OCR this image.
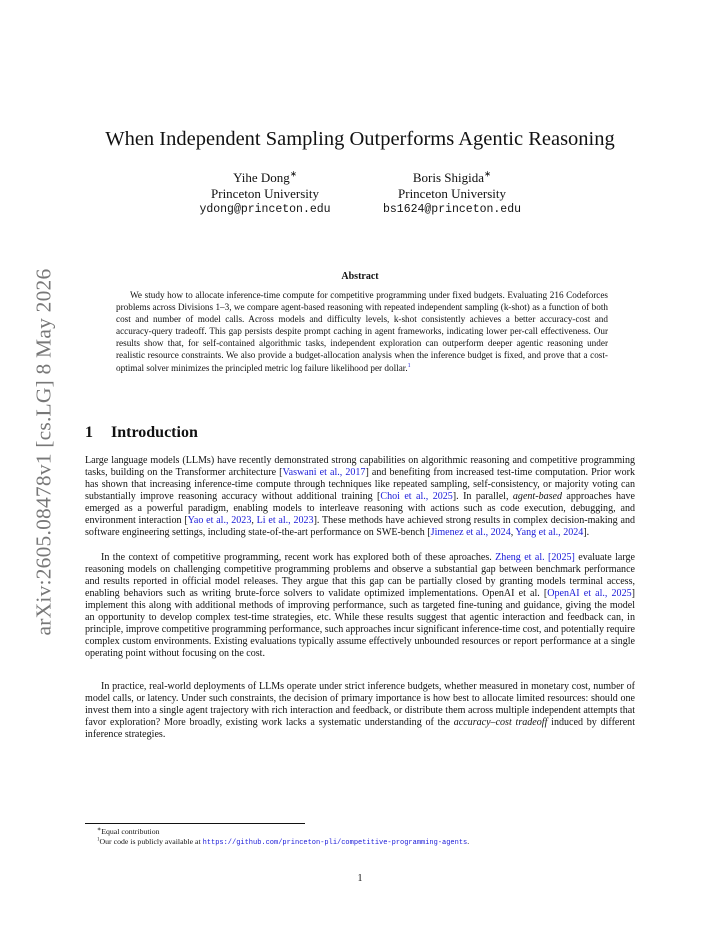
arXiv:2605.08478v1 [cs.LG] 8 May 2026
When Independent Sampling Outperforms Agentic Reasoning
Yihe Dong∗
Princeton University
ydong@princeton.edu
Boris Shigida∗
Princeton University
bs1624@princeton.edu
Abstract

We study how to allocate inference-time compute for competitive programming under fixed budgets. Evaluating 216 Codeforces problems across Divisions 1–3, we compare agent-based reasoning with repeated independent sampling (k-shot) as a function of both cost and number of model calls. Across models and difficulty levels, k-shot consistently achieves a better accuracy-cost and accuracy-query tradeoff. This gap persists despite prompt caching in agent frameworks, indicating lower per-call effectiveness. Our results show that, for self-contained algorithmic tasks, independent exploration can outperform deeper agentic reasoning under realistic resource constraints. We also provide a budget-allocation analysis when the inference budget is fixed, and prove that a cost-optimal solver minimizes the principled metric log failure likelihood per dollar.$^1$

1 Introduction

Large language models (LLMs) have recently demonstrated strong capabilities on algorithmic reasoning and competitive programming tasks, building on the Transformer architecture [Vaswani et al., 2017] and benefiting from increased test-time computation. Prior work has shown that increasing inference-time compute through techniques like repeated sampling, self-consistency, or majority voting can substantially improve reasoning accuracy without additional training [Choi et al., 2025]. In parallel, agent-based approaches have emerged as a powerful paradigm, enabling models to interleave reasoning with actions such as code execution, debugging, and environment interaction [Yao et al., 2023, Li et al., 2023]. These methods have achieved strong results in complex decision-making and software engineering settings, including state-of-the-art performance on SWE-bench [Jimenez et al., 2024, Yang et al., 2024].

In the context of competitive programming, recent work has explored both of these aproaches. Zheng et al. [2025] evaluate large reasoning models on challenging competitive programming problems and observe a substantial gap between benchmark performance and results reported in official model releases. They argue that this gap can be partially closed by granting models terminal access, enabling behaviors such as writing brute-force solvers to validate optimized implementations. OpenAI et al. [OpenAI et al., 2025] implement this along with additional methods of improving performance, such as targeted fine-tuning and guidance, giving the model an opportunity to develop complex test-time strategies, etc. While these results suggest that agentic interaction and feedback can, in principle, improve competitive programming performance, such approaches incur significant inference-time cost, and potentially require complex custom environments. Existing evaluations typically assume effectively unbounded resources or report performance at a single operating point without focusing on the cost.

In practice, real-world deployments of LLMs operate under strict inference budgets, whether measured in monetary cost, number of model calls, or latency. Under such constraints, the decision of primary importance is how best to allocate limited resources: should one invest them into a single agent trajectory with rich interaction and feedback, or distribute them across multiple independent attempts that favor exploration? More broadly, existing work lacks a systematic understanding of the accuracy–cost tradeoff induced by different inference strategies.

∗Equal contribution
$^1$Our code is publicly available at https://github.com/princeton-pli/competitive-programming-agents.
1
